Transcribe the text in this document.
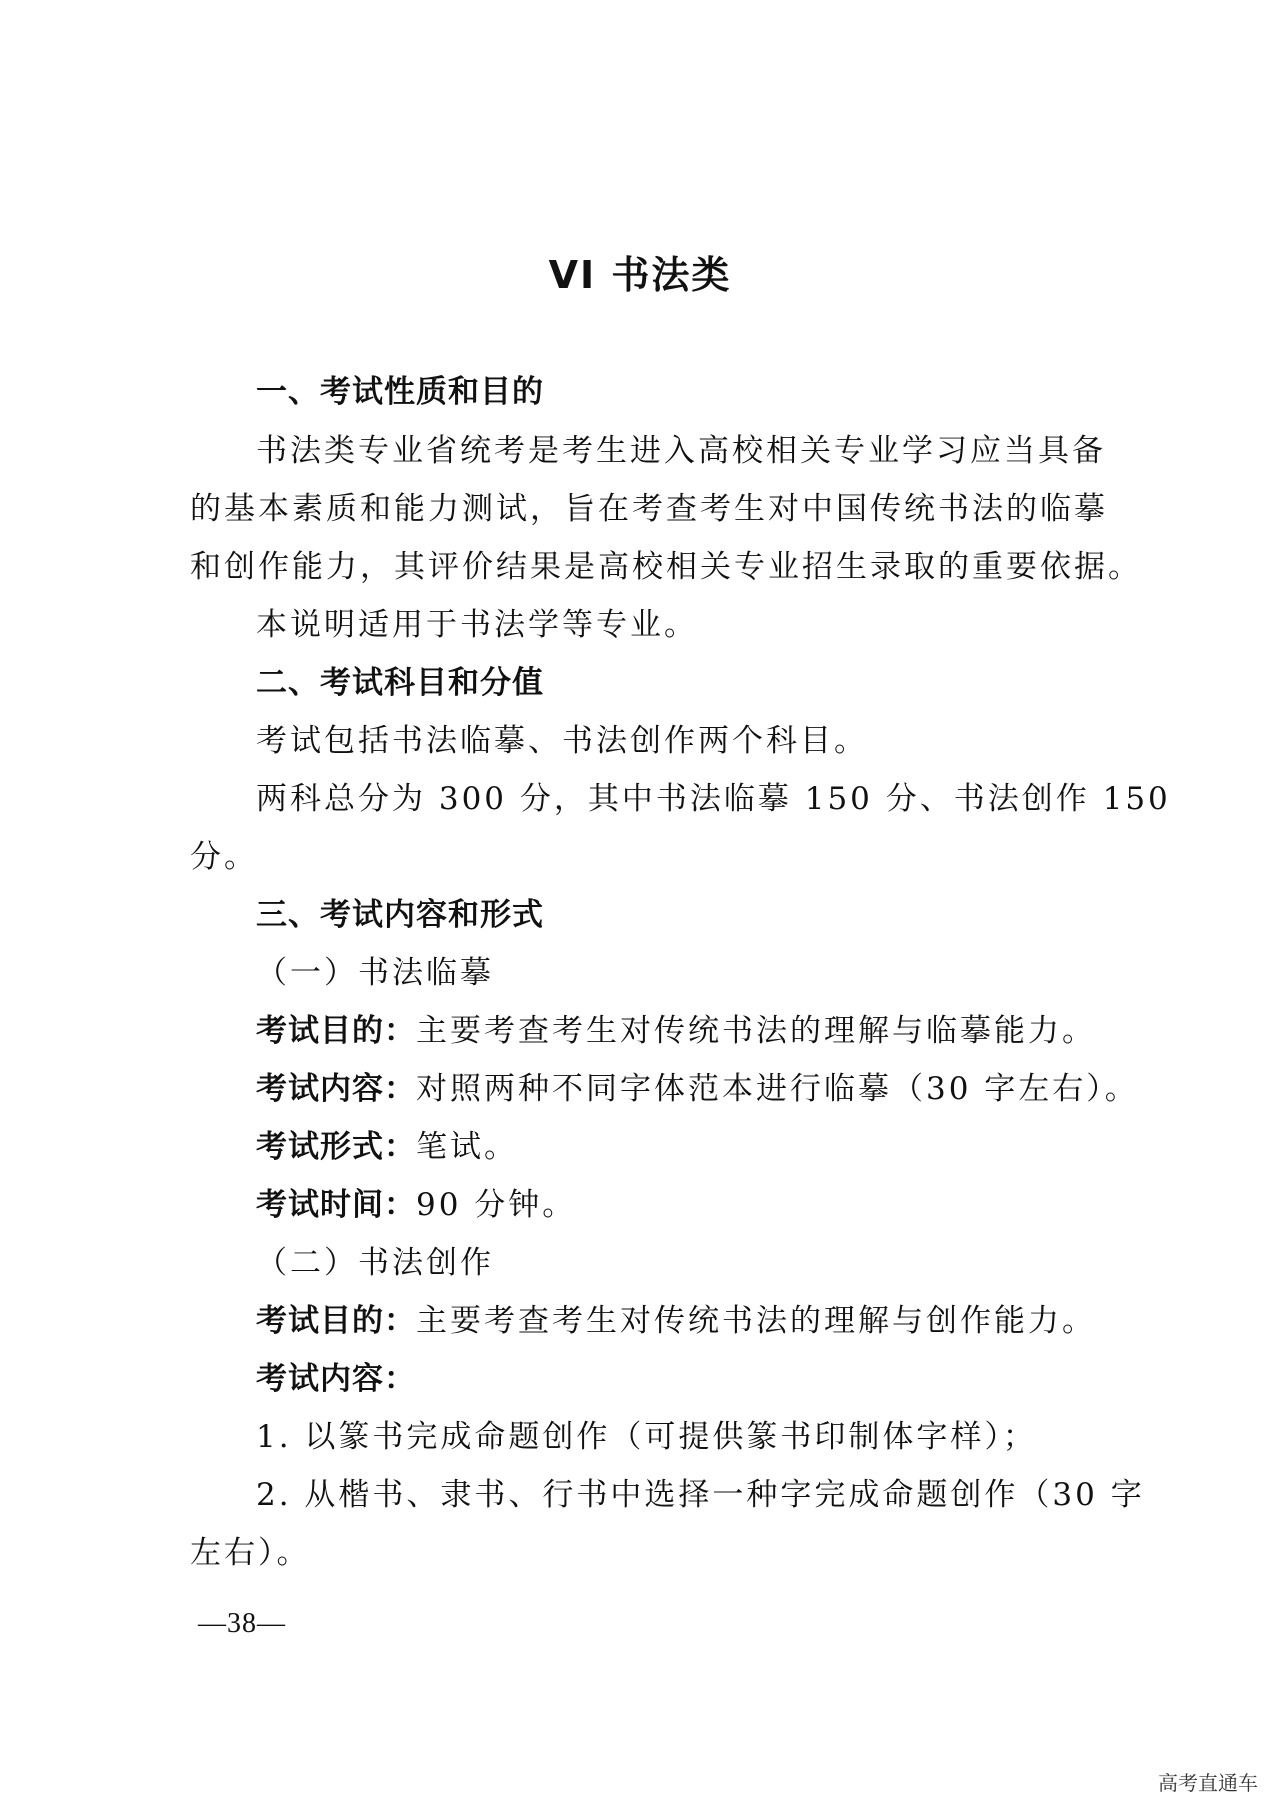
VI 书法类
一、考试性质和目的
书法类专业省统考是考生进入高校相关专业学习应当具备
的基本素质和能力测试，旨在考查考生对中国传统书法的临摹
和创作能力，其评价结果是高校相关专业招生录取的重要依据。
本说明适用于书法学等专业。
二、考试科目和分值
考试包括书法临摹、书法创作两个科目。
两科总分为 300 分，其中书法临摹 150 分、书法创作 150
分。
三、考试内容和形式
（一）书法临摹
考试目的：主要考查考生对传统书法的理解与临摹能力。
考试内容：对照两种不同字体范本进行临摹（30 字左右）。
考试形式：笔试。
考试时间：90 分钟。
（二）书法创作
考试目的：主要考查考生对传统书法的理解与创作能力。
考试内容：
1. 以篆书完成命题创作（可提供篆书印制体字样）；
2. 从楷书、隶书、行书中选择一种字完成命题创作（30 字
左右）。
—38—
高考直通车
